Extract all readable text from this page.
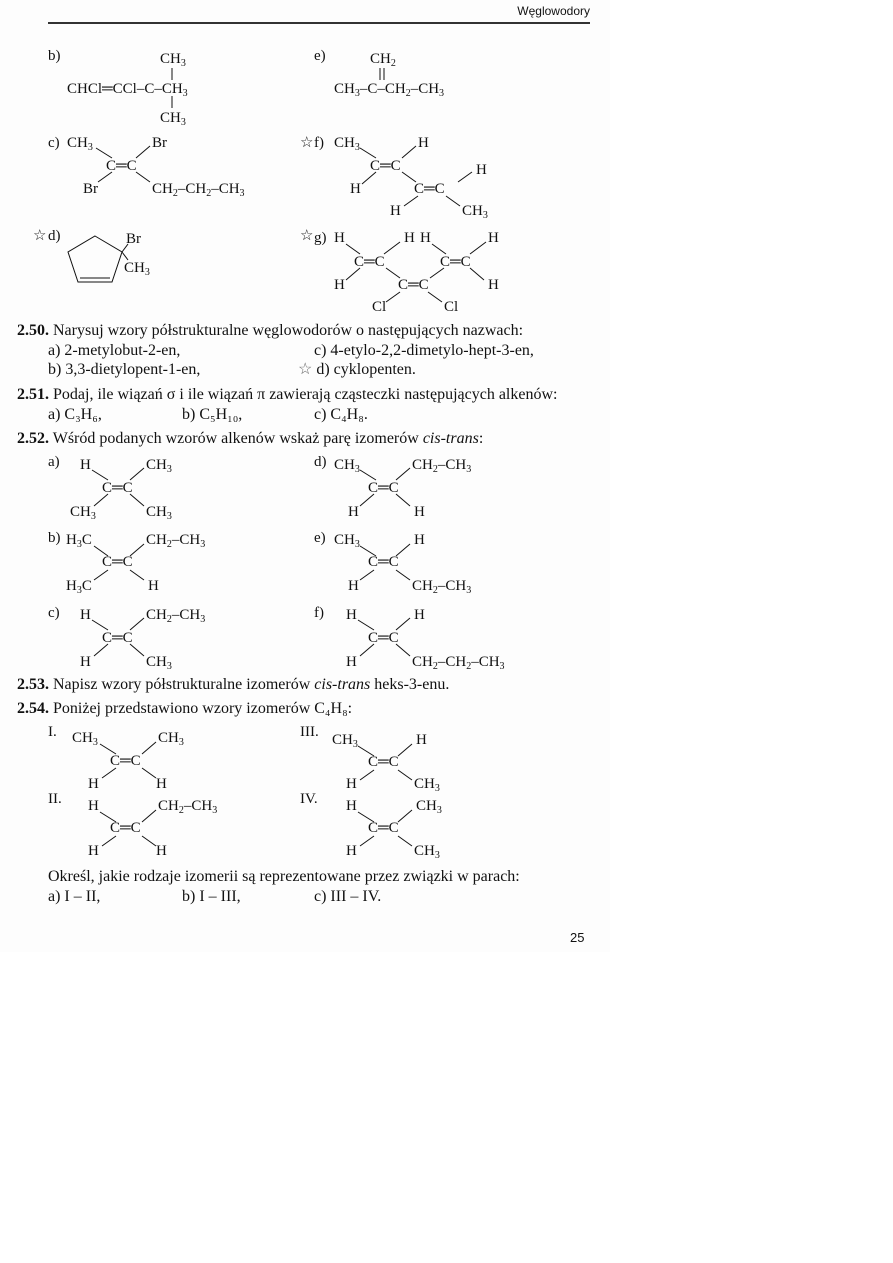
Węglowodory
b)	$CH_3$
$CHCl═CCl-C-CH_3$
$CH_3$
e)	$CH_2$
$CH_3-C-CH_2-CH_3$
c) $CH_3$	Br
C═C
Br	$CH_2-CH_2-CH_3$
☆ f) $CH_3$	H
C═C
H
H
C═C
H	$CH_3$
☆ d)	Br
$CH_3$
☆ g) H	H H	H
C═C	C═C
H	H
C═C
Cl	Cl
2.50. Narysuj wzory półstrukturalne węglowodorów o następujących nazwach:
a) 2-metylobut-2-en,	c) 4-etylo-2,2-dimetylo-hept-3-en,
b) 3,3-dietylopent-1-en,	☆ d) cyklopenten.
2.51. Podaj, ile wiązań σ i ile wiązań π zawierają cząsteczki następujących alkenów:
a) C₃H₆,	b) C₅H₁₀,	c) C₄H₈.
2.52. Wśród podanych wzorów alkenów wskaż parę izomerów cis-trans:
a) H	$CH_3$
C═C
$CH_3$	$CH_3$
d) $CH_3$	$CH_2-CH_3$
C═C
H	H
b) $H_3C$	$CH_2-CH_3$
C═C
$H_3C$	H
e) $CH_3$	H
C═C
H	$CH_2-CH_3$
c) H	$CH_2-CH_3$
C═C
H	$CH_3$
f) H	H
C═C
H	$CH_2-CH_2-CH_3$
2.53. Napisz wzory półstrukturalne izomerów cis-trans heks-3-enu.
2.54. Poniżej przedstawiono wzory izomerów C₄H₈:
I. $CH_3$	$CH_3$
C═C
H	H
III. $CH_3$	H
C═C
H	$CH_3$
II. H	$CH_2-CH_3$
C═C
H	H
IV. H	$CH_3$
C═C
H	$CH_3$
Określ, jakie rodzaje izomerii są reprezentowane przez związki w parach:
a) I – II,	b) I – III,	c) III – IV.
25
